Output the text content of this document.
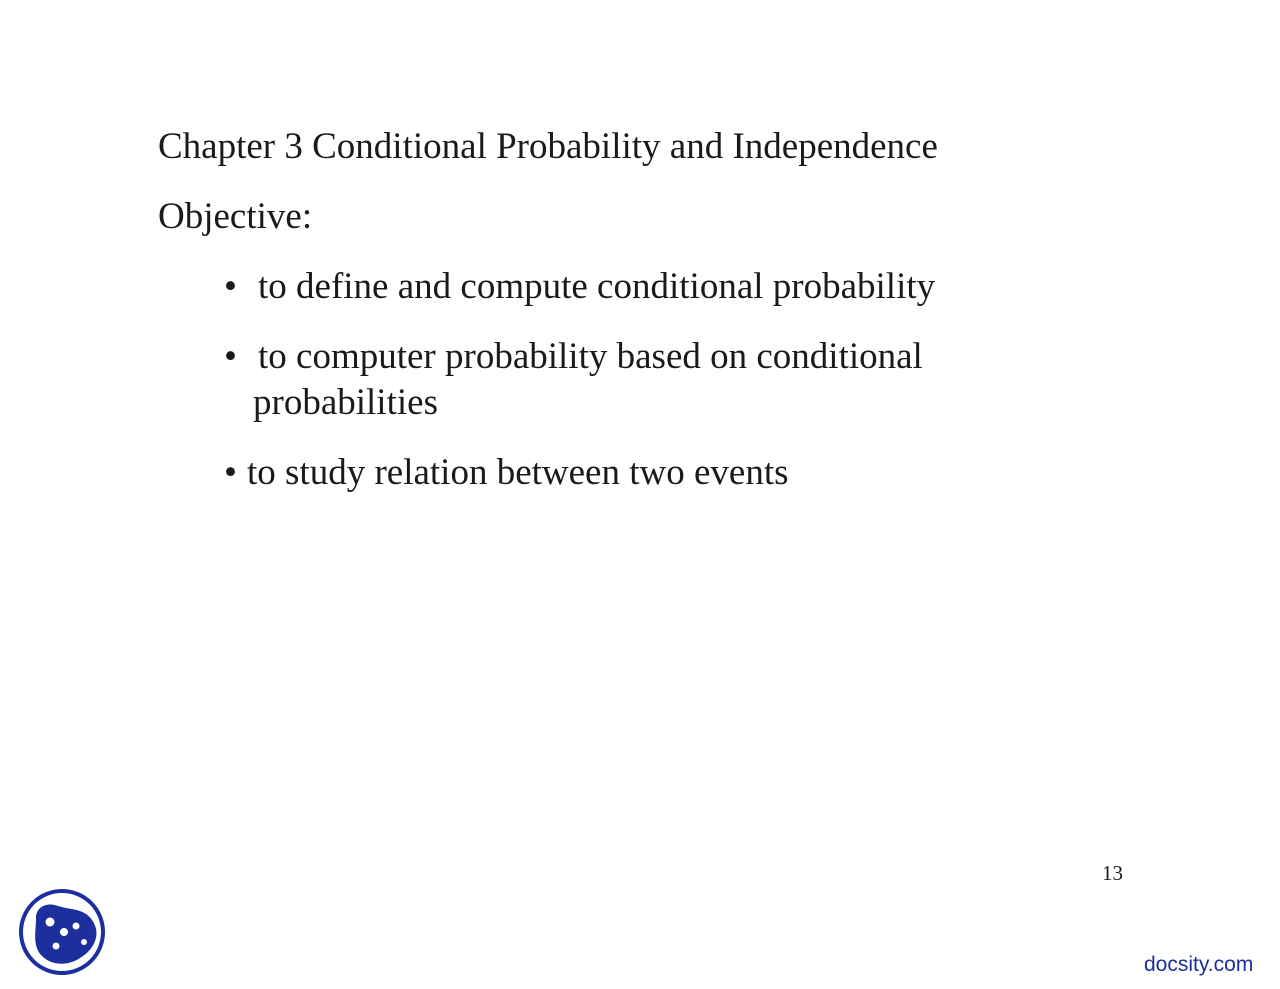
Chapter 3 Conditional Probability and Independence
Objective:
• to define and compute conditional probability
• to computer probability based on conditional
probabilities
• to study relation between two events
13
docsity.com
